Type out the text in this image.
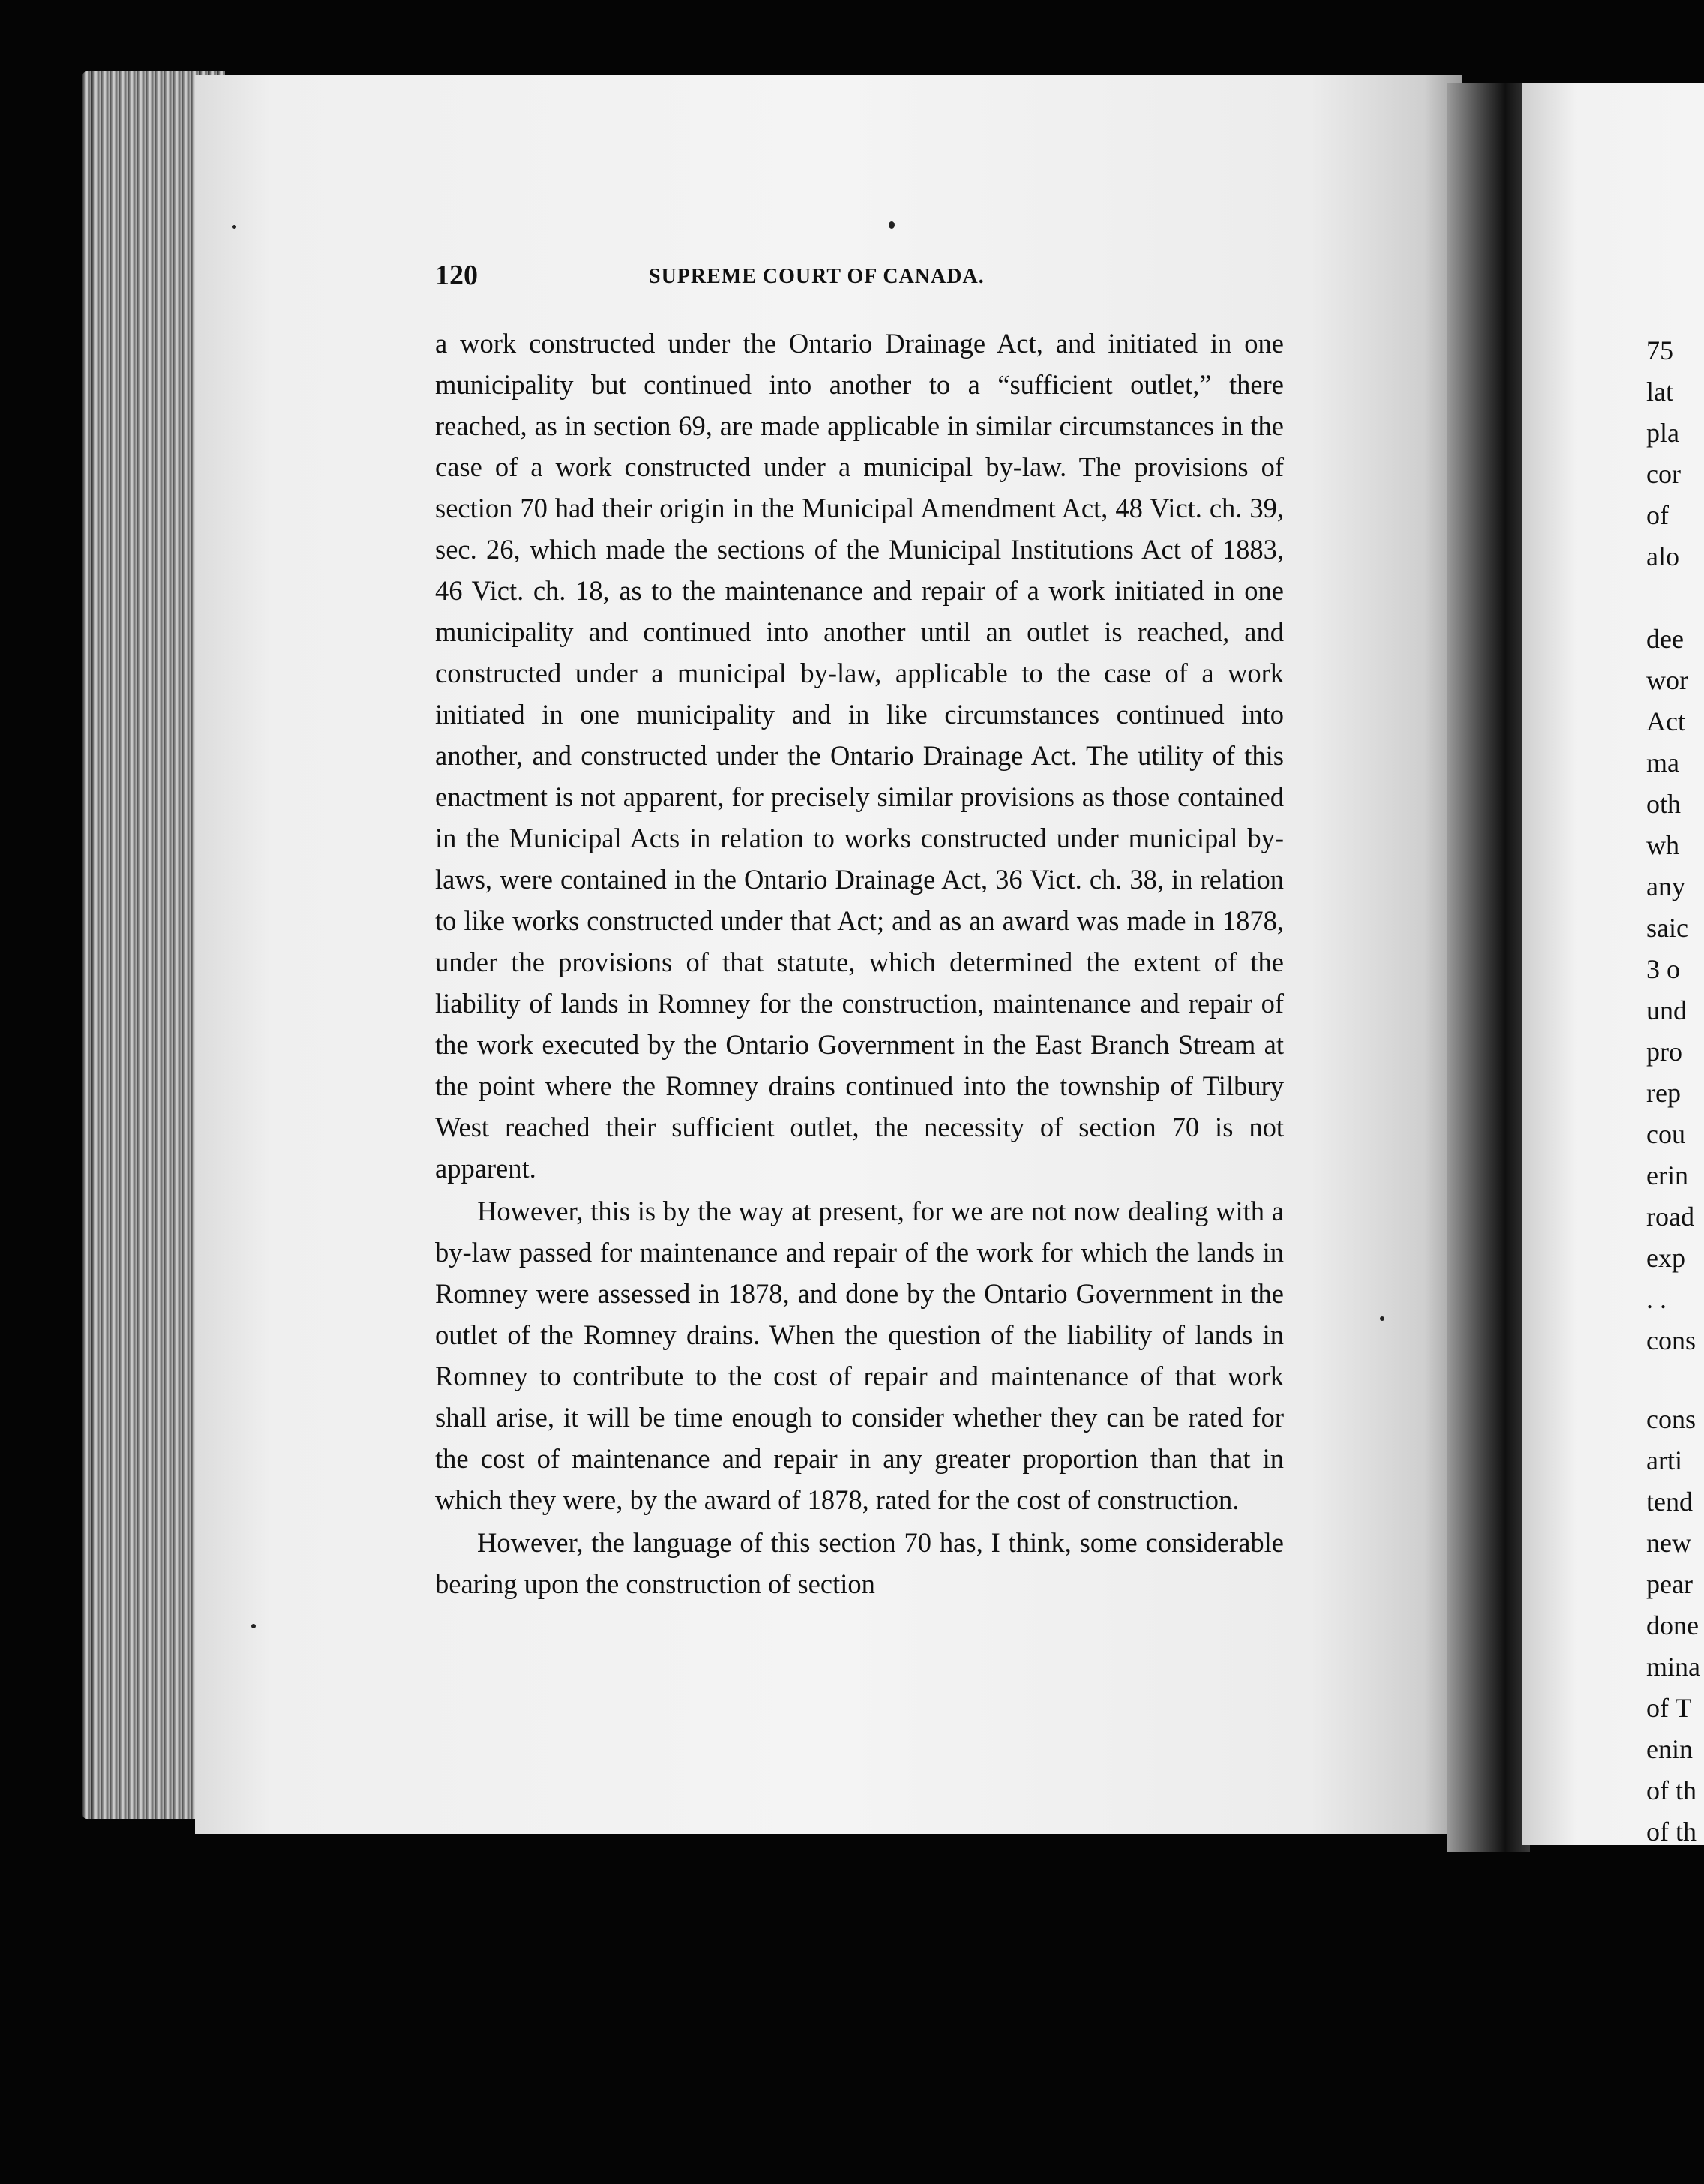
120	SUPREME COURT OF CANADA.

a work constructed under the Ontario Drainage Act, and initiated in one municipality but continued into another to a “sufficient outlet,” there reached, as in section 69, are made applicable in similar circumstances in the case of a work constructed under a municipal by-law. The provisions of section 70 had their origin in the Municipal Amendment Act, 48 Vict. ch. 39, sec. 26, which made the sections of the Municipal Institutions Act of 1883, 46 Vict. ch. 18, as to the maintenance and repair of a work initiated in one municipality and continued into another until an outlet is reached, and constructed under a municipal by-law, applicable to the case of a work initiated in one municipality and in like circumstances continued into another, and constructed under the Ontario Drainage Act. The utility of this enactment is not apparent, for precisely similar provisions as those contained in the Municipal Acts in relation to works constructed under municipal by-laws, were contained in the Ontario Drainage Act, 36 Vict. ch. 38, in relation to like works constructed under that Act; and as an award was made in 1878, under the provisions of that statute, which determined the extent of the liability of lands in Romney for the construction, maintenance and repair of the work executed by the Ontario Government in the East Branch Stream at the point where the Romney drains continued into the township of Tilbury West reached their sufficient outlet, the necessity of section 70 is not apparent.

However, this is by the way at present, for we are not now dealing with a by-law passed for maintenance and repair of the work for which the lands in Romney were assessed in 1878, and done by the Ontario Government in the outlet of the Romney drains. When the question of the liability of lands in Romney to contribute to the cost of repair and maintenance of that work shall arise, it will be time enough to consider whether they can be rated for the cost of maintenance and repair in any greater proportion than that in which they were, by the award of 1878, rated for the cost of construction.

However, the language of this section 70 has, I think, some considerable bearing upon the construction of section

75
lat
pla
cor
of
alo
dee
wor
Act
ma
oth
wh
any
saic
3 o
und
pro
rep
cou
erin
road
exp
. .
cons
cons
arti
tend
new
pear
done
mina
of T
enin
of th
of th
